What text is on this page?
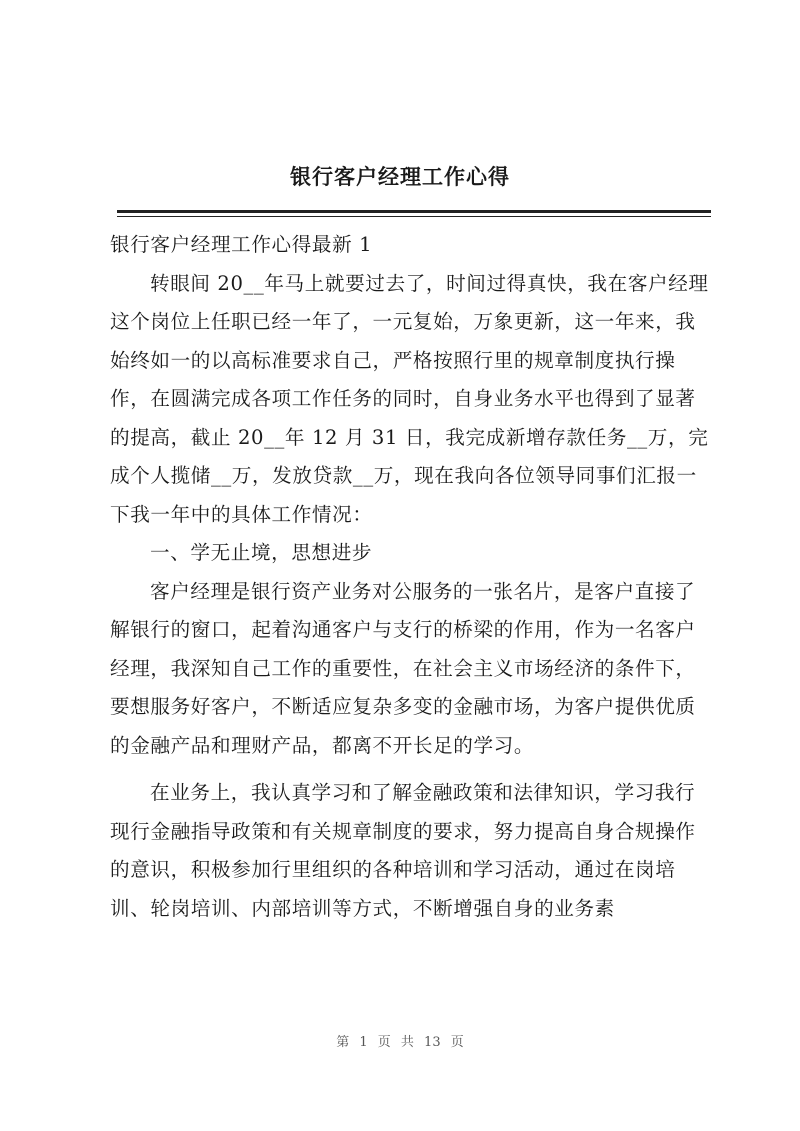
银行客户经理工作心得

银行客户经理工作心得最新 1

转眼间 20__年马上就要过去了，时间过得真快，我在客户经理这个岗位上任职已经一年了，一元复始，万象更新，这一年来，我始终如一的以高标准要求自己，严格按照行里的规章制度执行操作，在圆满完成各项工作任务的同时，自身业务水平也得到了显著的提高，截止 20__年 12 月 31 日，我完成新增存款任务__万，完成个人揽储__万，发放贷款__万，现在我向各位领导同事们汇报一下我一年中的具体工作情况：

一、学无止境，思想进步

客户经理是银行资产业务对公服务的一张名片，是客户直接了解银行的窗口，起着沟通客户与支行的桥梁的作用，作为一名客户经理，我深知自己工作的重要性，在社会主义市场经济的条件下，要想服务好客户，不断适应复杂多变的金融市场，为客户提供优质的金融产品和理财产品，都离不开长足的学习。

在业务上，我认真学习和了解金融政策和法律知识，学习我行现行金融指导政策和有关规章制度的要求，努力提高自身合规操作的意识，积极参加行里组织的各种培训和学习活动，通过在岗培训、轮岗培训、内部培训等方式，不断增强自身的业务素

第 1 页 共 13 页
